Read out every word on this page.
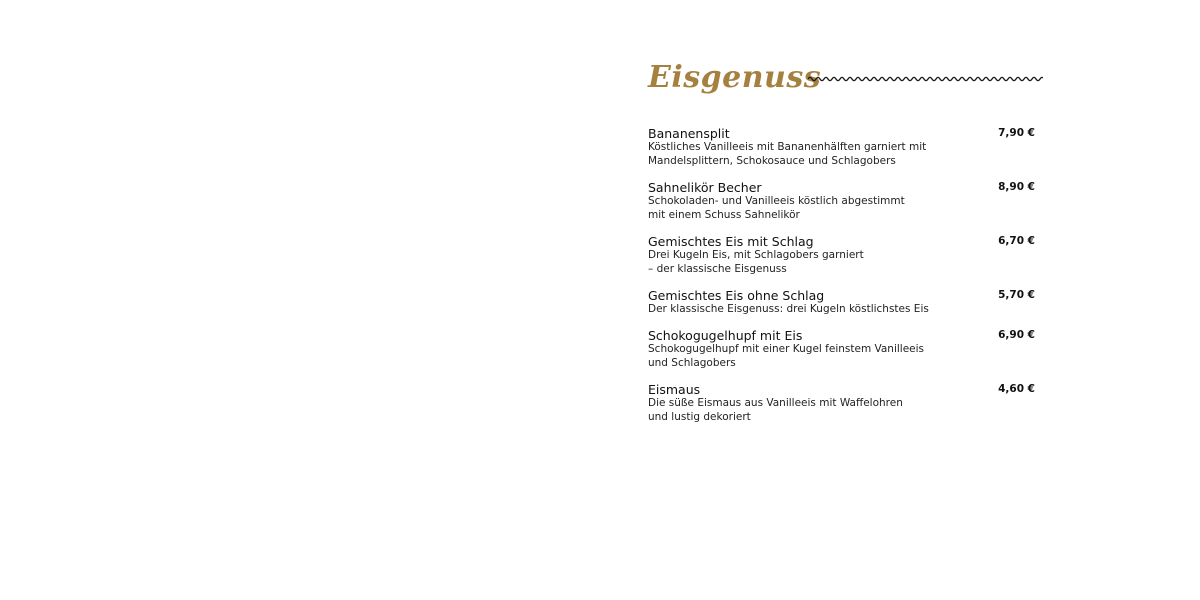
Eisgenuss
Bananensplit
Köstliches Vanilleeis mit Bananenhälften garniert mit
Mandelsplittern, Schokosauce und Schlagobers
7,90 €
Sahnelikör Becher
Schokoladen- und Vanilleeis köstlich abgestimmt
mit einem Schuss Sahnelikör
8,90 €
Gemischtes Eis mit Schlag
Drei Kugeln Eis, mit Schlagobers garniert
– der klassische Eisgenuss
6,70 €
Gemischtes Eis ohne Schlag
Der klassische Eisgenuss: drei Kugeln köstlichstes Eis
5,70 €
Schokogugelhupf mit Eis
Schokogugelhupf mit einer Kugel feinstem Vanilleeis
und Schlagobers
6,90 €
Eismaus
Die süße Eismaus aus Vanilleeis mit Waffelohren
und lustig dekoriert
4,60 €
